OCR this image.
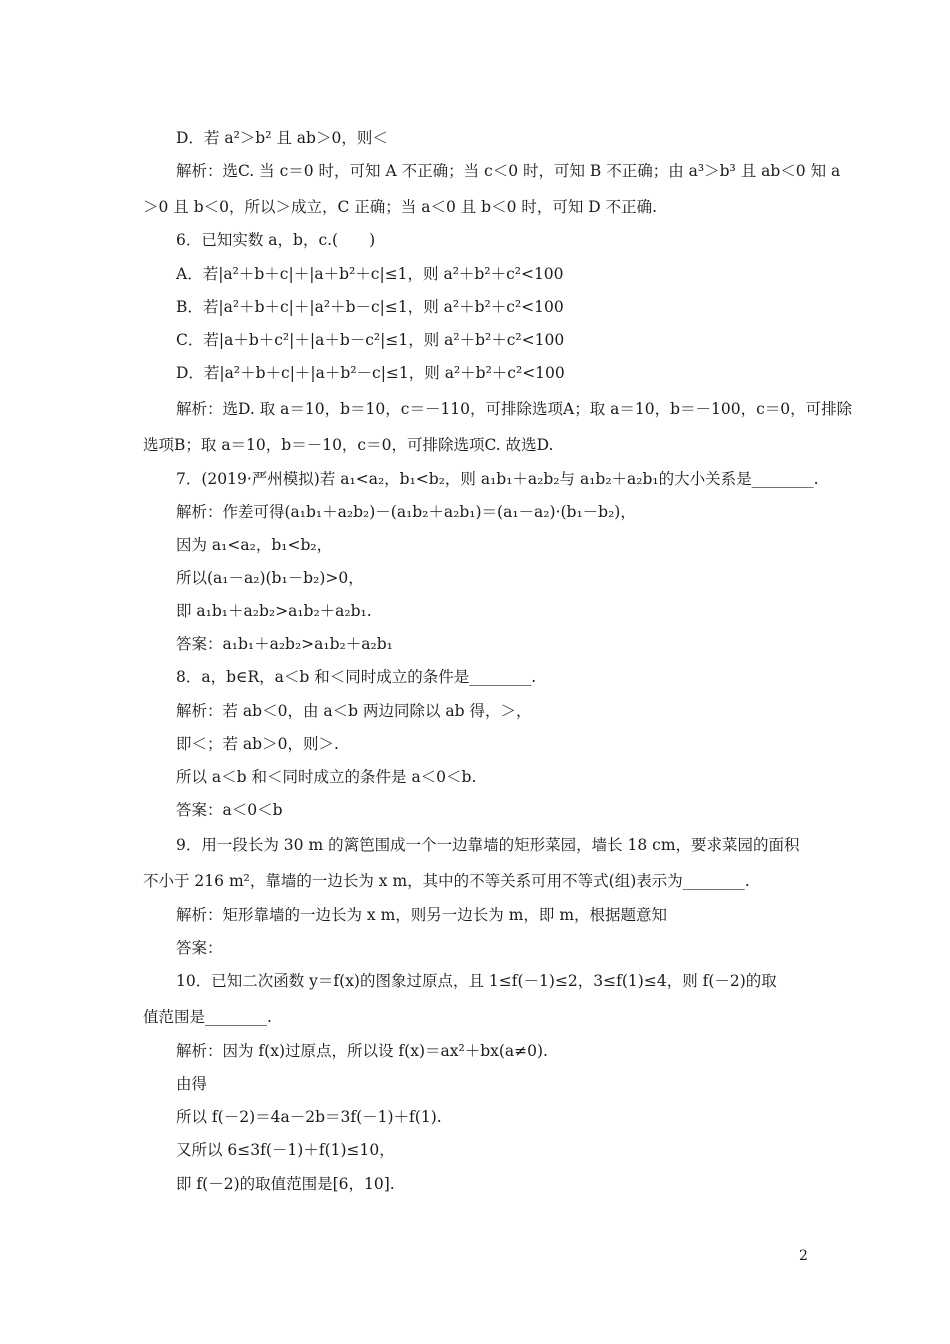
D．若 a²＞b² 且 ab＞0，则＜
解析：选C. 当 c＝0 时，可知 A 不正确；当 c＜0 时，可知 B 不正确；由 a³＞b³ 且 ab＜0 知 a
＞0 且 b＜0，所以＞成立，C 正确；当 a＜0 且 b＜0 时，可知 D 不正确.
6．已知实数 a，b，c.(　　)
A．若|a²＋b＋c|＋|a＋b²＋c|≤1，则 a²＋b²＋c²<100
B．若|a²＋b＋c|＋|a²＋b－c|≤1，则 a²＋b²＋c²<100
C．若|a＋b＋c²|＋|a＋b－c²|≤1，则 a²＋b²＋c²<100
D．若|a²＋b＋c|＋|a＋b²－c|≤1，则 a²＋b²＋c²<100
解析：选D. 取 a＝10，b＝10，c＝－110，可排除选项A；取 a＝10，b＝－100，c＝0，可排除
选项B；取 a＝10，b＝－10，c＝0，可排除选项C. 故选D.
7．(2019·严州模拟)若 a₁<a₂，b₁<b₂，则 a₁b₁＋a₂b₂与 a₁b₂＋a₂b₁的大小关系是________.
解析：作差可得(a₁b₁＋a₂b₂)－(a₁b₂＋a₂b₁)＝(a₁－a₂)·(b₁－b₂)，
因为 a₁<a₂，b₁<b₂，
所以(a₁－a₂)(b₁－b₂)>0，
即 a₁b₁＋a₂b₂>a₁b₂＋a₂b₁.
答案：a₁b₁＋a₂b₂>a₁b₂＋a₂b₁
8．a，b∈R，a＜b 和＜同时成立的条件是________.
解析：若 ab＜0，由 a＜b 两边同除以 ab 得，＞，
即＜；若 ab＞0，则＞.
所以 a＜b 和＜同时成立的条件是 a＜0＜b.
答案：a＜0＜b
9．用一段长为 30 m 的篱笆围成一个一边靠墙的矩形菜园，墙长 18 cm，要求菜园的面积
不小于 216 m²，靠墙的一边长为 x m，其中的不等关系可用不等式(组)表示为________.
解析：矩形靠墙的一边长为 x m，则另一边长为 m，即 m，根据题意知
答案：
10．已知二次函数 y＝f(x)的图象过原点，且 1≤f(－1)≤2，3≤f(1)≤4，则 f(－2)的取
值范围是________.
解析：因为 f(x)过原点，所以设 f(x)＝ax²＋bx(a≠0).
由得
所以 f(－2)＝4a－2b＝3f(－1)＋f(1).
又所以 6≤3f(－1)＋f(1)≤10，
即 f(－2)的取值范围是[6，10].
2
